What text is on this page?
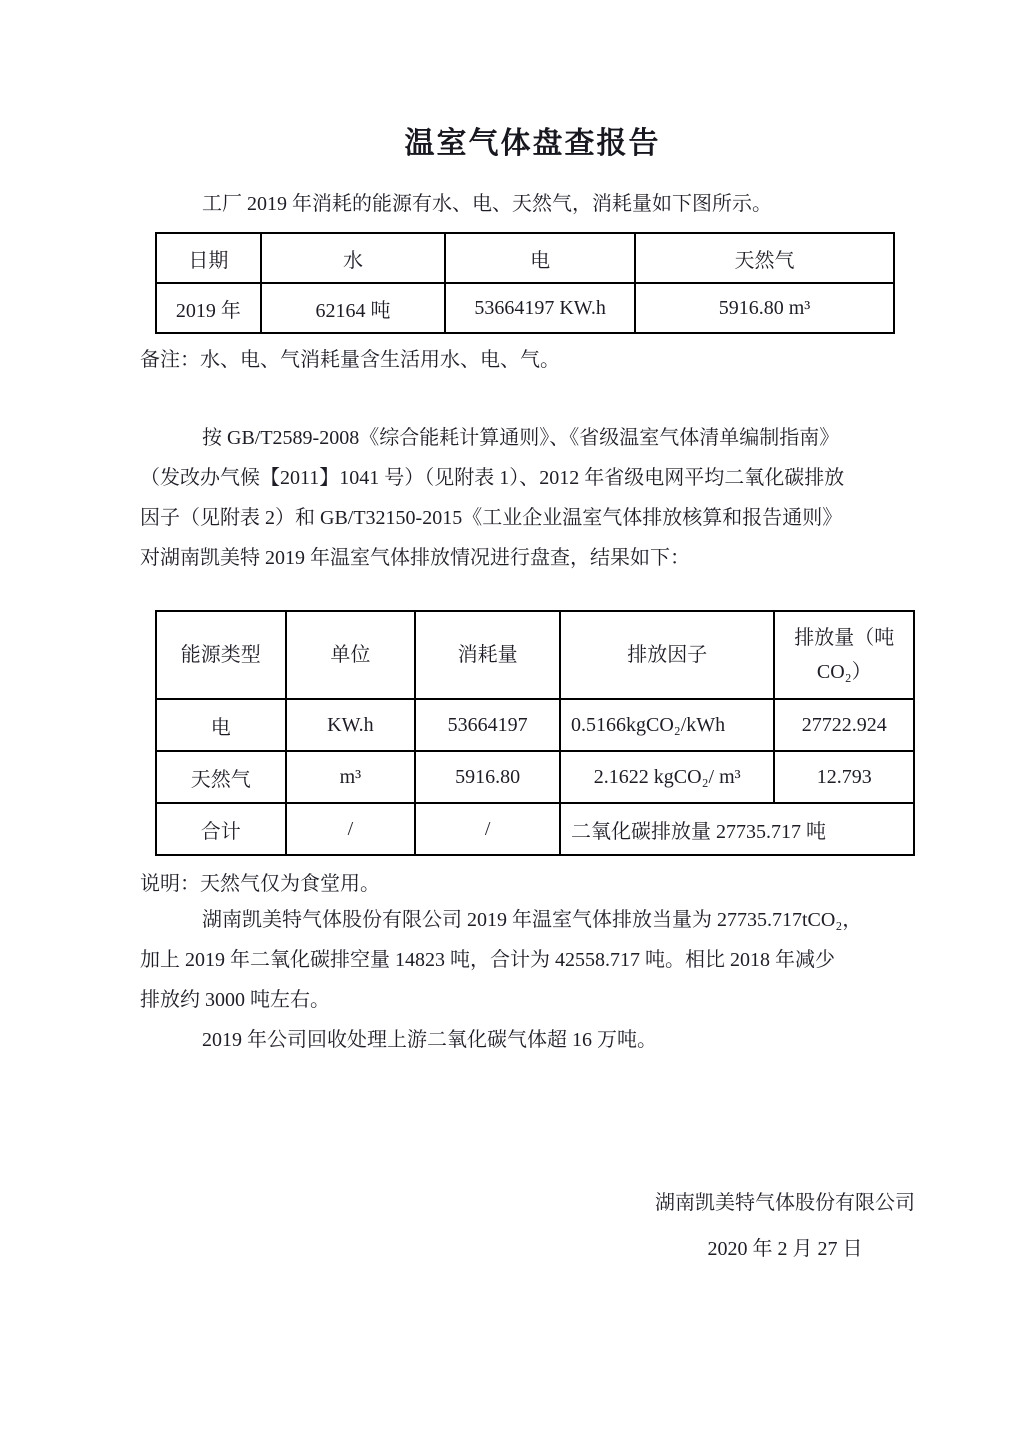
温室气体盘查报告
工厂 2019 年消耗的能源有水、电、天然气，消耗量如下图所示。
日期	水	电	天然气
2019 年	62164 吨	53664197 KW.h	5916.80 m³
备注：水、电、气消耗量含生活用水、电、气。
按 GB/T2589-2008《综合能耗计算通则》、《省级温室气体清单编制指南》
（发改办气候【2011】1041 号）（见附表 1）、2012 年省级电网平均二氧化碳排放
因子（见附表 2）和 GB/T32150-2015《工业企业温室气体排放核算和报告通则》
对湖南凯美特 2019 年温室气体排放情况进行盘查，结果如下：
能源类型	单位	消耗量	排放因子	排放量（吨 CO₂）
电	KW.h	53664197	0.5166kgCO₂/kWh	27722.924
天然气	m³	5916.80	2.1622 kgCO₂/ m³	12.793
合计	/	/	二氧化碳排放量 27735.717 吨	
说明：天然气仅为食堂用。
湖南凯美特气体股份有限公司 2019 年温室气体排放当量为 27735.717tCO₂，
加上 2019 年二氧化碳排空量 14823 吨，合计为 42558.717 吨。相比 2018 年减少
排放约 3000 吨左右。
2019 年公司回收处理上游二氧化碳气体超 16 万吨。
湖南凯美特气体股份有限公司
2020 年 2 月 27 日
